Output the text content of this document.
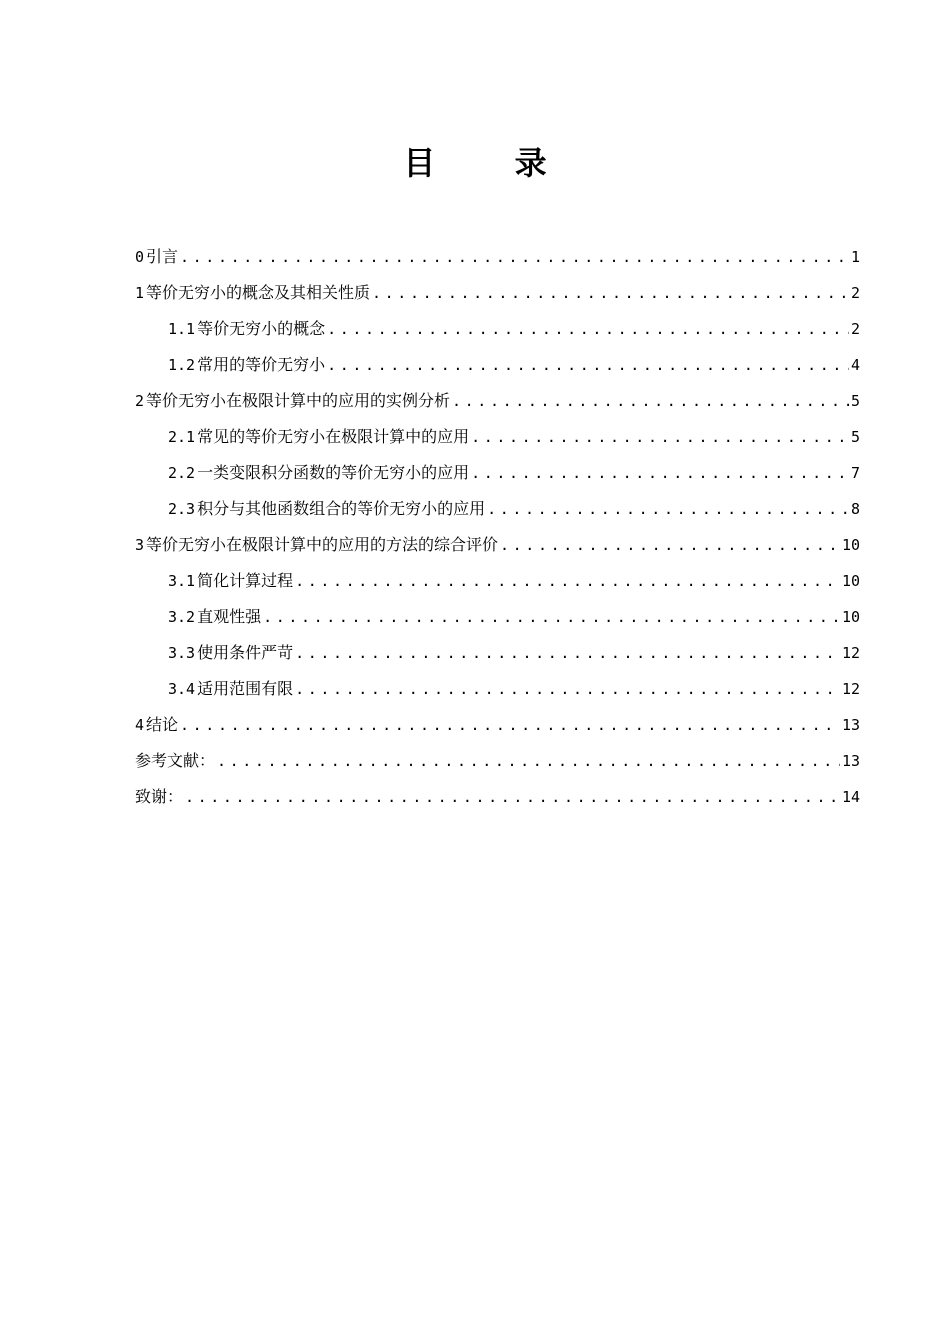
目 录
0 引言 .....	1
1 等价无穷小的概念及其相关性质 .....	2
1.1 等价无穷小的概念 .....	2
1.2 常用的等价无穷小 .....	4
2 等价无穷小在极限计算中的应用的实例分析 .....	5
2.1 常见的等价无穷小在极限计算中的应用 .....	5
2.2 一类变限积分函数的等价无穷小的应用 .....	7
2.3 积分与其他函数组合的等价无穷小的应用 .....	8
3 等价无穷小在极限计算中的应用的方法的综合评价 .....	10
3.1 简化计算过程 .....	10
3.2 直观性强 .....	10
3.3 使用条件严苛 .....	12
3.4 适用范围有限 .....	12
4 结论 .....	13
参考文献： .....	13
致谢： .....	14
